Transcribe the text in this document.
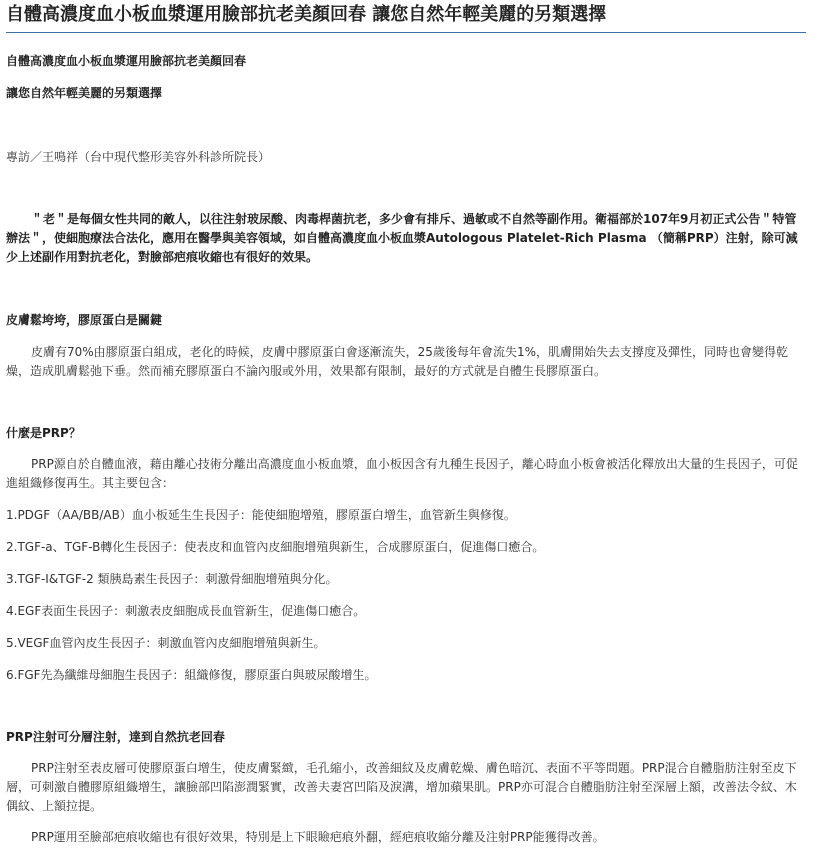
自體高濃度血小板血漿運用臉部抗老美顏回春 讓您自然年輕美麗的另類選擇

自體高濃度血小板血漿運用臉部抗老美顏回春

讓您自然年輕美麗的另類選擇

專訪／王鳴祥（台中現代整形美容外科診所院長）

＂老＂是每個女性共同的敵人，以往注射玻尿酸、肉毒桿菌抗老，多少會有排斥、過敏或不自然等副作用。衛福部於107年9月初正式公告＂特管辦法＂，使細胞療法合法化，應用在醫學與美容領域，如自體高濃度血小板血漿Autologous Platelet-Rich Plasma （簡稱PRP）注射，除可減少上述副作用對抗老化，對臉部疤痕收縮也有很好的效果。

皮膚鬆垮垮，膠原蛋白是關鍵

皮膚有70%由膠原蛋白組成，老化的時候，皮膚中膠原蛋白會逐漸流失，25歲後每年會流失1%，肌膚開始失去支撐度及彈性，同時也會變得乾燥，造成肌膚鬆弛下垂。然而補充膠原蛋白不論內服或外用，效果都有限制，最好的方式就是自體生長膠原蛋白。

什麼是PRP？

PRP源自於自體血液，藉由離心技術分離出高濃度血小板血漿，血小板因含有九種生長因子，離心時血小板會被活化釋放出大量的生長因子，可促進組織修復再生。其主要包含：

1.PDGF（AA/BB/AB）血小板延生生長因子：能使細胞增殖，膠原蛋白增生，血管新生與修復。

2.TGF-a、TGF-B轉化生長因子：使表皮和血管內皮細胞增殖與新生，合成膠原蛋白，促進傷口癒合。

3.TGF-I&TGF-2 類胰島素生長因子：刺激骨細胞增殖與分化。

4.EGF表面生長因子：刺激表皮細胞成長血管新生，促進傷口癒合。

5.VEGF血管內皮生長因子：刺激血管內皮細胞增殖與新生。

6.FGF先為纖維母細胞生長因子：組織修復，膠原蛋白與玻尿酸增生。

PRP注射可分層注射，達到自然抗老回春

PRP注射至表皮層可使膠原蛋白增生，使皮膚緊緻，毛孔縮小，改善細紋及皮膚乾燥、膚色暗沉、表面不平等問題。PRP混合自體脂肪注射至皮下層，可刺激自體膠原組織增生，讓臉部凹陷澎潤緊實，改善夫妻宮凹陷及淚溝，增加蘋果肌。PRP亦可混合自體脂肪注射至深層上額，改善法令紋、木偶紋、上額拉提。

PRP運用至臉部疤痕收縮也有很好效果，特別是上下眼瞼疤痕外翻，經疤痕收縮分離及注射PRP能獲得改善。
